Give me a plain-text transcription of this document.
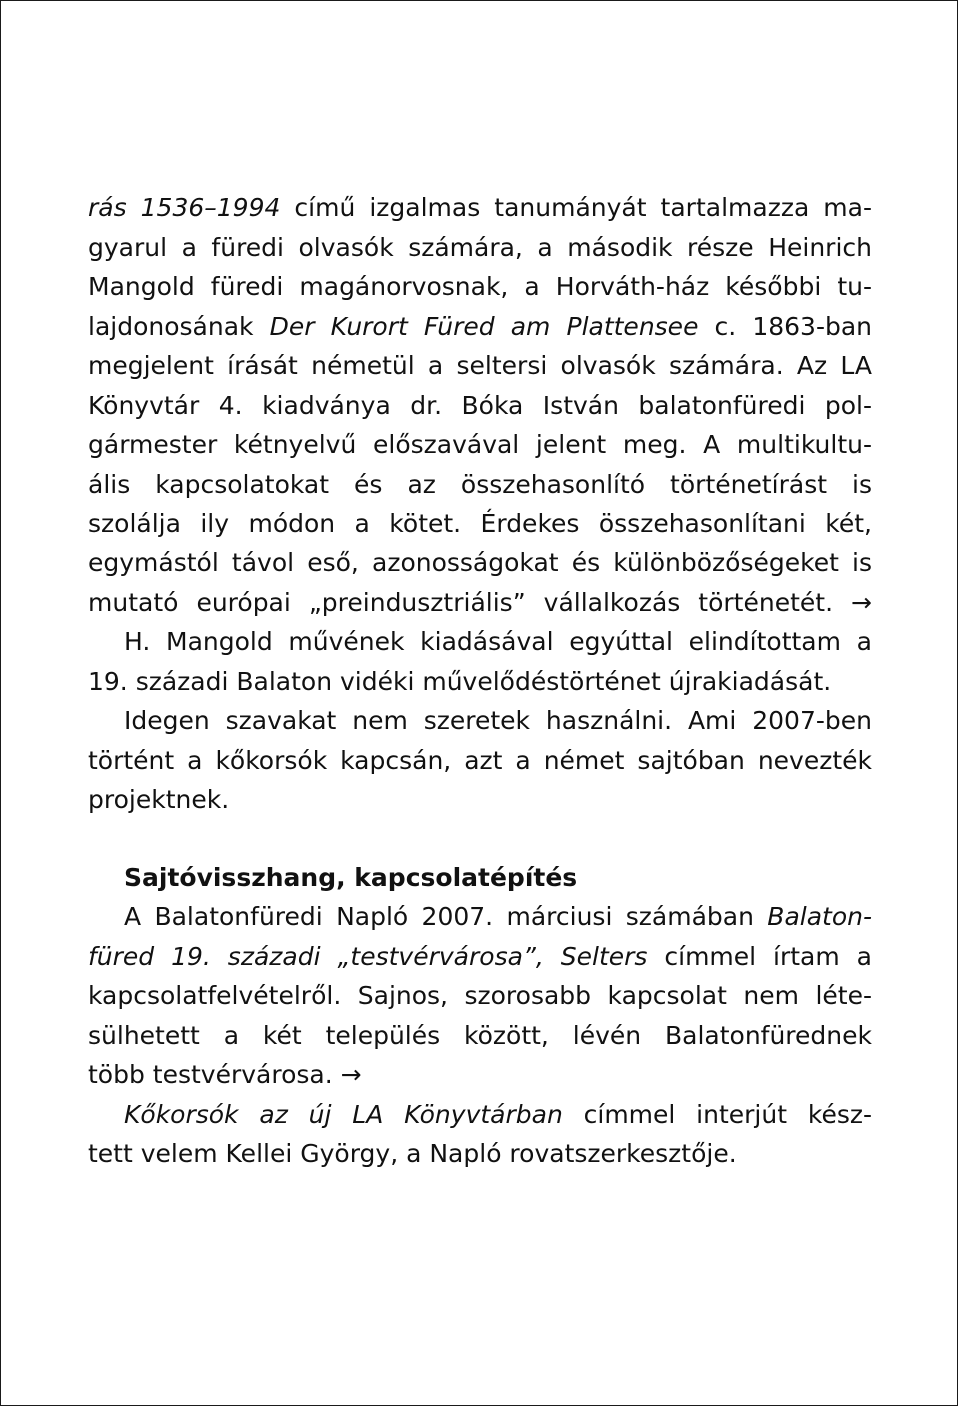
rás 1536–1994 című izgalmas tanumányát tartalmazza ma-
gyarul a füredi olvasók számára, a második része Heinrich
Mangold füredi magánorvosnak, a Horváth-ház későbbi tu-
lajdonosának Der Kurort Füred am Plattensee c. 1863-ban
megjelent írását németül a seltersi olvasók számára. Az LA
Könyvtár 4. kiadványa dr. Bóka István balatonfüredi pol-
gármester kétnyelvű előszavával jelent meg. A multikultu-
ális kapcsolatokat és az összehasonlító történetírást is
szolálja ily módon a kötet. Érdekes összehasonlítani két,
egymástól távol eső, azonosságokat és különbözőségeket is
mutató európai „preindusztriális” vállalkozás történetét. →
H. Mangold művének kiadásával egyúttal elindítottam a
19. századi Balaton vidéki művelődéstörténet újrakiadását.
Idegen szavakat nem szeretek használni. Ami 2007-ben
történt a kőkorsók kapcsán, azt a német sajtóban nevezték
projektnek.
Sajtóvisszhang, kapcsolatépítés
A Balatonfüredi Napló 2007. márciusi számában Balaton-
füred 19. századi „testvérvárosa”, Selters címmel írtam a
kapcsolatfelvételről. Sajnos, szorosabb kapcsolat nem léte-
sülhetett a két település között, lévén Balatonfürednek
több testvérvárosa. →
Kőkorsók az új LA Könyvtárban címmel interjút kész-
tett velem Kellei György, a Napló rovatszerkesztője.
